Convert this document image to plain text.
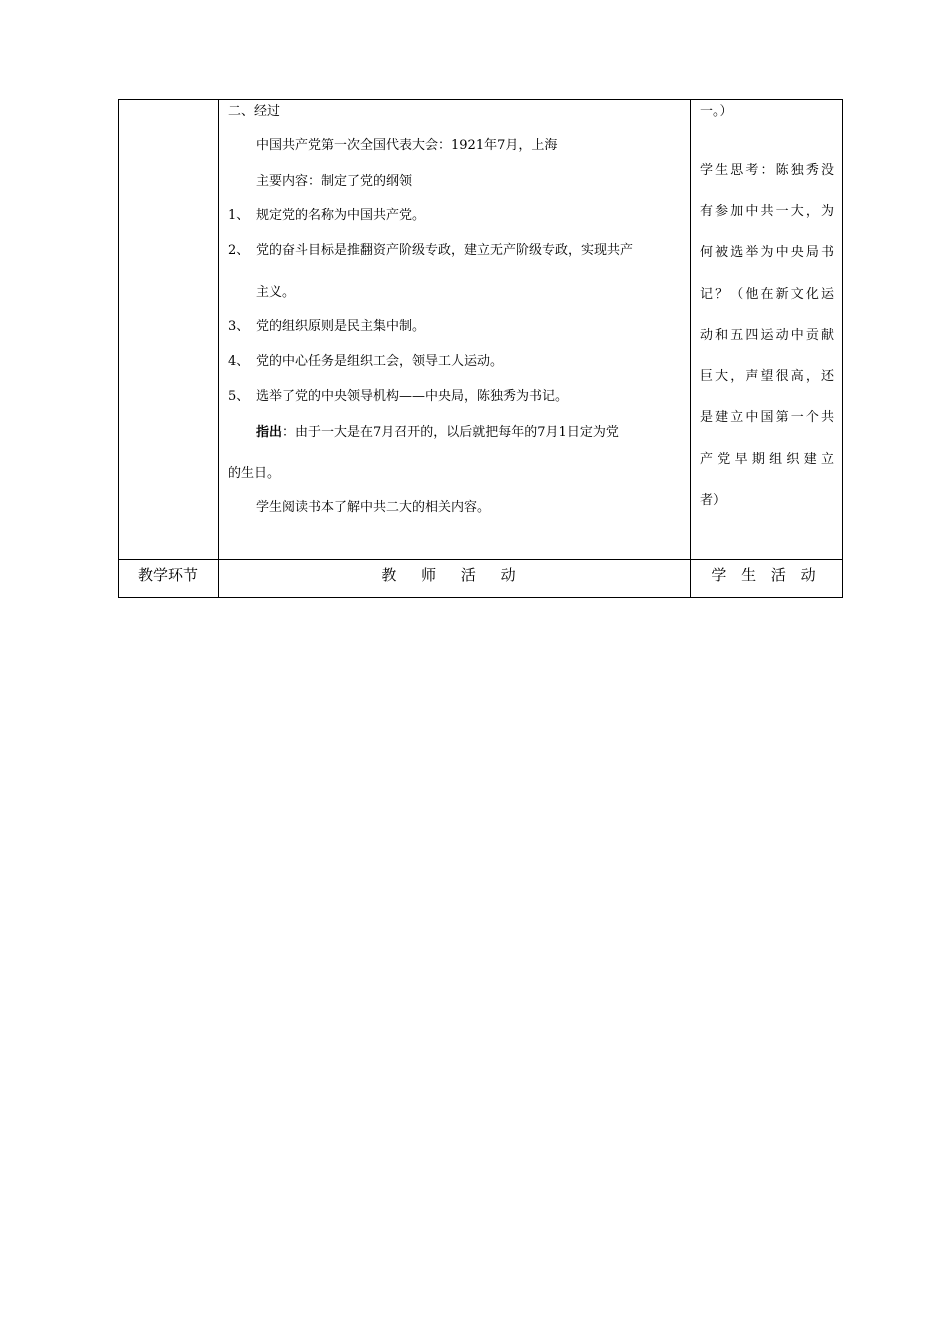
二、经过
中国共产党第一次全国代表大会：1921年7月，上海
主要内容：制定了党的纲领
1、 规定党的名称为中国共产党。
2、 党的奋斗目标是推翻资产阶级专政，建立无产阶级专政，实现共产
主义。
3、 党的组织原则是民主集中制。
4、 党的中心任务是组织工会，领导工人运动。
5、 选举了党的中央领导机构——中央局，陈独秀为书记。
指出：由于一大是在7月召开的，以后就把每年的7月1日定为党
的生日。
学生阅读书本了解中共二大的相关内容。
一。）
学生思考：陈独秀没
有参加中共一大，为
何被选举为中央局书
记？（他在新文化运
动和五四运动中贡献
巨大，声望很高，还
是建立中国第一个共
产党早期组织建立
者）
教学环节	教 师 活 动	学 生 活 动
